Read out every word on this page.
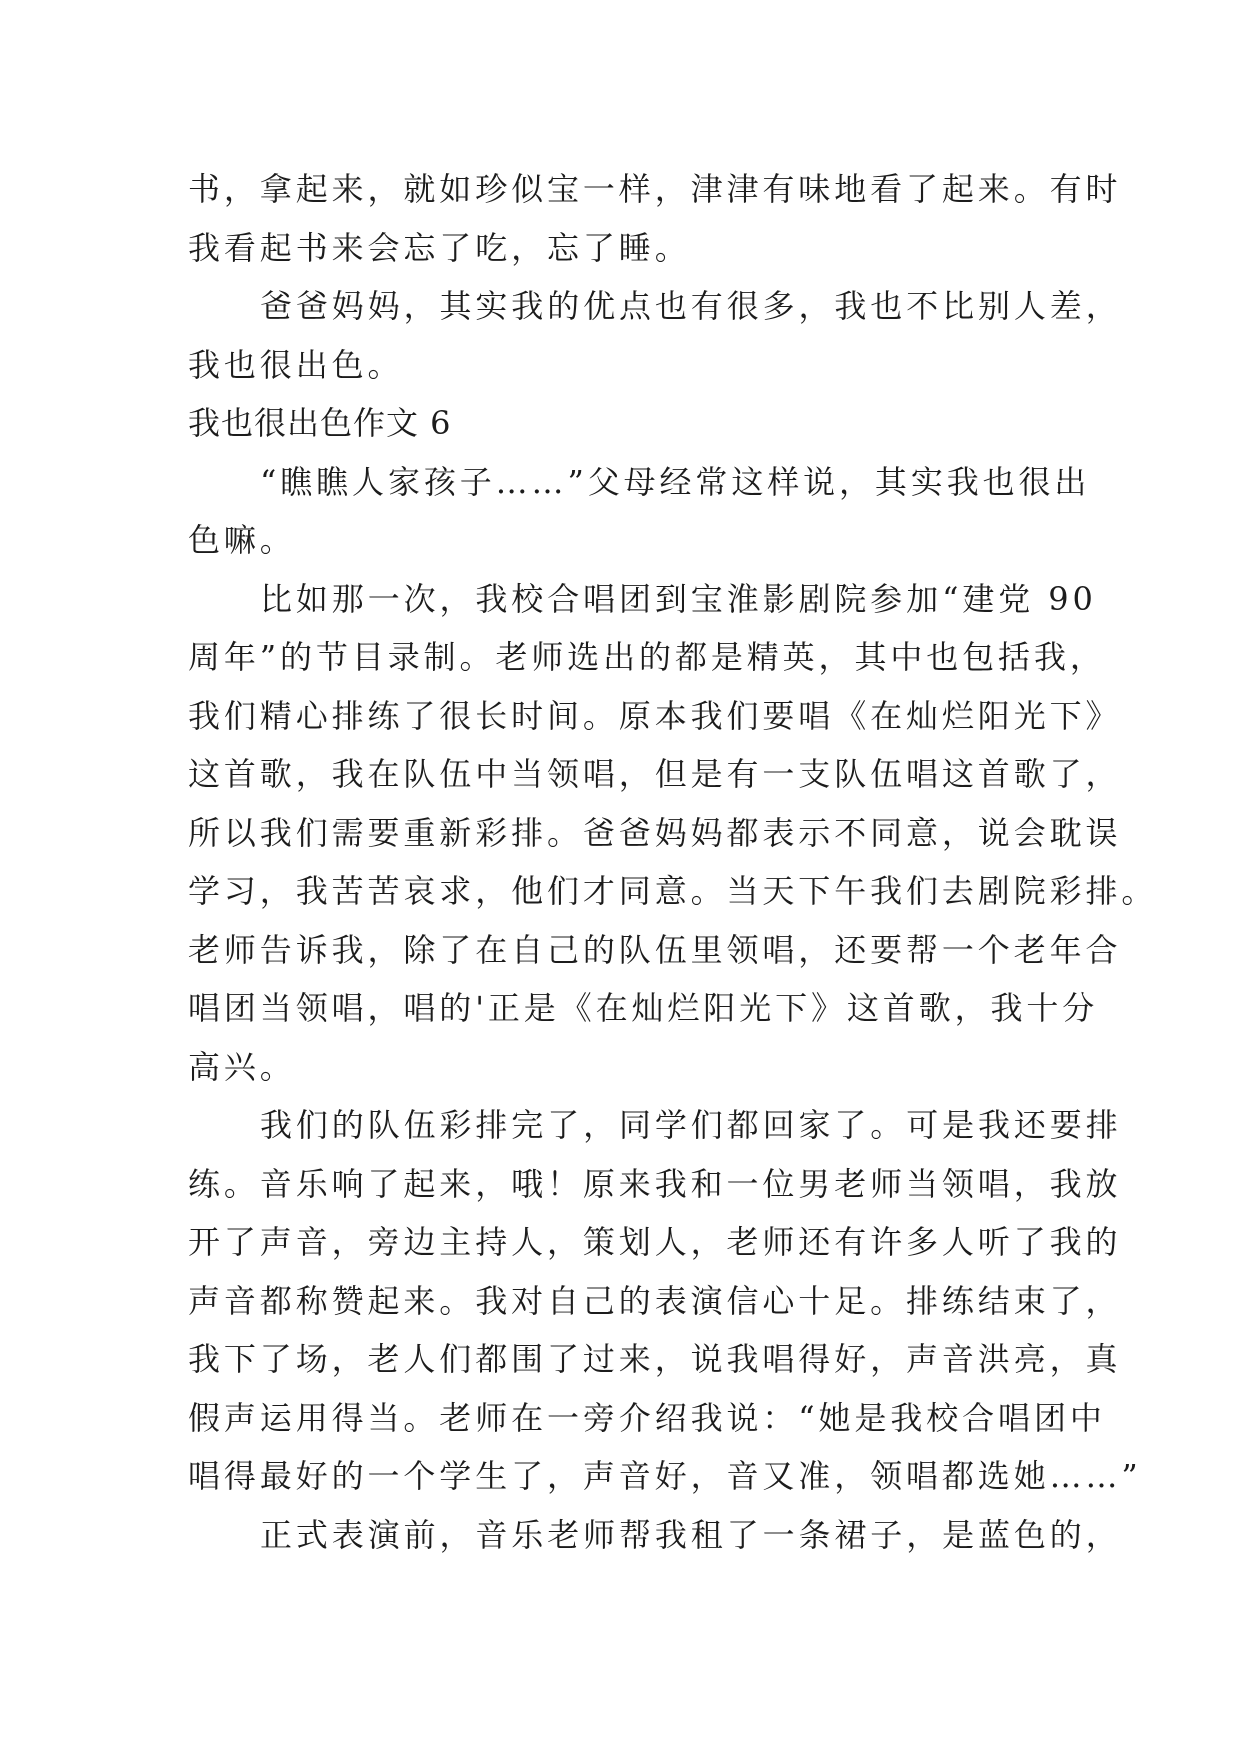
书，拿起来，就如珍似宝一样，津津有味地看了起来。有时
我看起书来会忘了吃，忘了睡。
爸爸妈妈，其实我的优点也有很多，我也不比别人差，
我也很出色。
我也很出色作文 6
“瞧瞧人家孩子……”父母经常这样说，其实我也很出
色嘛。
比如那一次，我校合唱团到宝淮影剧院参加“建党 90
周年”的节目录制。老师选出的都是精英，其中也包括我，
我们精心排练了很长时间。原本我们要唱《在灿烂阳光下》
这首歌，我在队伍中当领唱，但是有一支队伍唱这首歌了，
所以我们需要重新彩排。爸爸妈妈都表示不同意，说会耽误
学习，我苦苦哀求，他们才同意。当天下午我们去剧院彩排。
老师告诉我，除了在自己的队伍里领唱，还要帮一个老年合
唱团当领唱，唱的'正是《在灿烂阳光下》这首歌，我十分
高兴。
我们的队伍彩排完了，同学们都回家了。可是我还要排
练。音乐响了起来，哦！原来我和一位男老师当领唱，我放
开了声音，旁边主持人，策划人，老师还有许多人听了我的
声音都称赞起来。我对自己的表演信心十足。排练结束了，
我下了场，老人们都围了过来，说我唱得好，声音洪亮，真
假声运用得当。老师在一旁介绍我说：“她是我校合唱团中
唱得最好的一个学生了，声音好，音又准，领唱都选她……”
正式表演前，音乐老师帮我租了一条裙子，是蓝色的，
